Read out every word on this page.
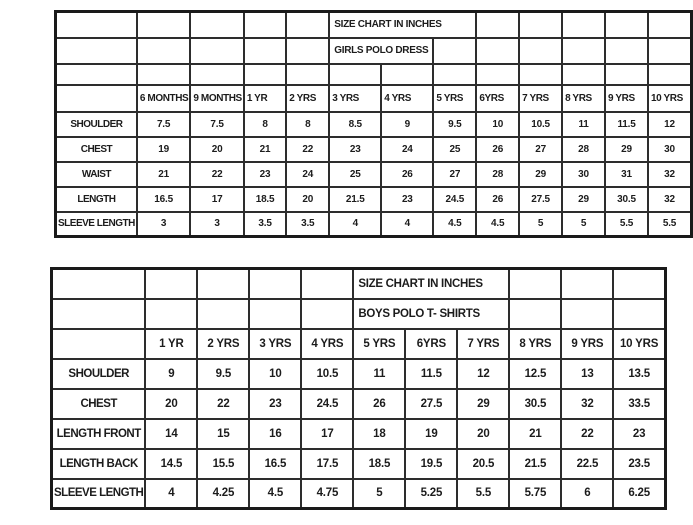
					SIZE CHART IN INCHES							
					GIRLS POLO DRESS							

	6 MONTHS	9 MONTHS	1 YR	2 YRS	3 YRS	4 YRS	5 YRS	6YRS	7 YRS	8 YRS	9 YRS	10 YRS
SHOULDER	7.5	7.5	8	8	8.5	9	9.5	10	10.5	11	11.5	12
CHEST	19	20	21	22	23	24	25	26	27	28	29	30
WAIST	21	22	23	24	25	26	27	28	29	30	31	32
LENGTH	16.5	17	18.5	20	21.5	23	24.5	26	27.5	29	30.5	32
SLEEVE LENGTH	3	3	3.5	3.5	4	4	4.5	4.5	5	5	5.5	5.5
					SIZE CHART IN INCHES					
					BOYS POLO T- SHIRTS					
	1 YR	2 YRS	3 YRS	4 YRS	5 YRS	6YRS	7 YRS	8 YRS	9 YRS	10 YRS
SHOULDER	9	9.5	10	10.5	11	11.5	12	12.5	13	13.5
CHEST	20	22	23	24.5	26	27.5	29	30.5	32	33.5
LENGTH FRONT	14	15	16	17	18	19	20	21	22	23
LENGTH BACK	14.5	15.5	16.5	17.5	18.5	19.5	20.5	21.5	22.5	23.5
SLEEVE LENGTH	4	4.25	4.5	4.75	5	5.25	5.5	5.75	6	6.25
